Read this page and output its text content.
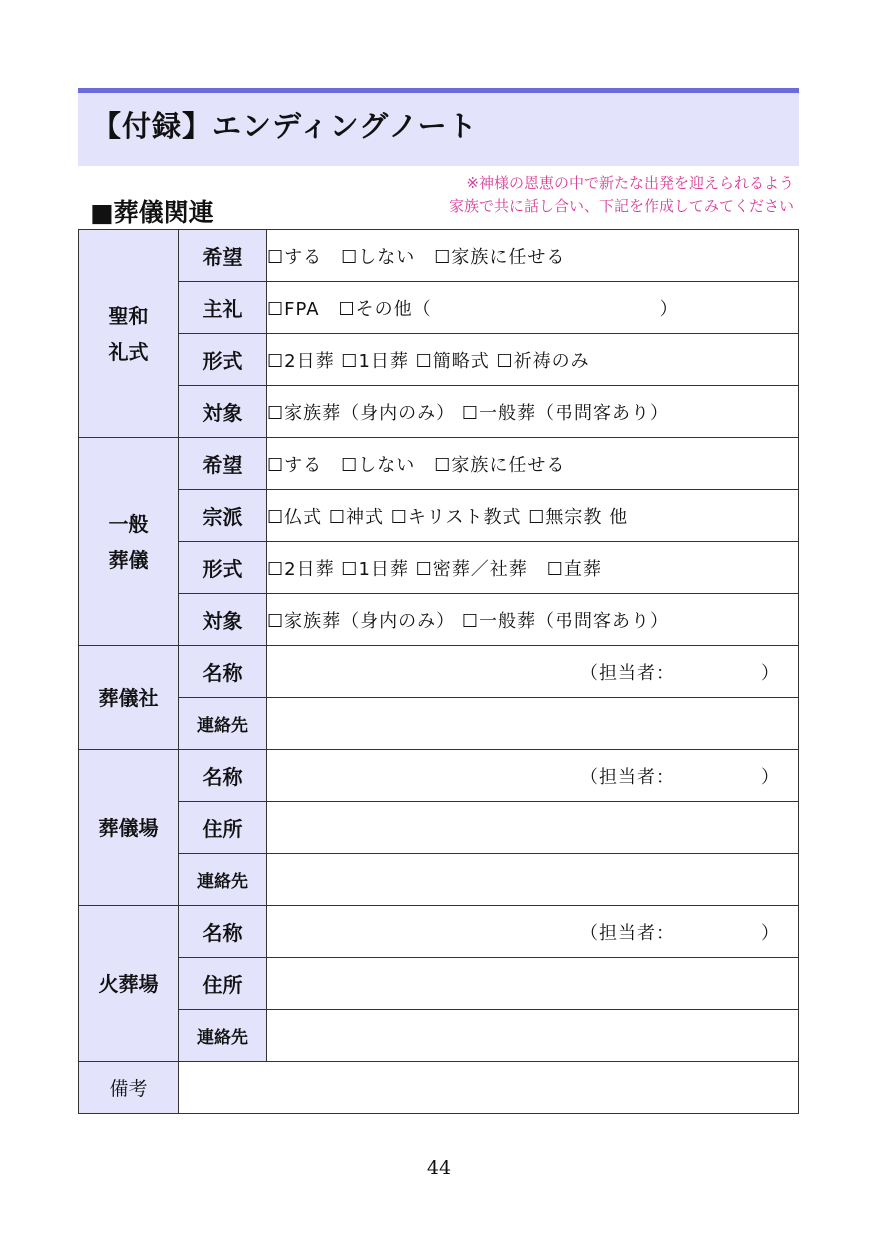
【付録】エンディングノート
※神様の恩恵の中で新たな出発を迎えられるよう
家族で共に話し合い、下記を作成してみてください
■葬儀関連
聖和
礼式	希望	☐する　☐しない　☐家族に任せる
	主礼	☐FPA　☐その他（　　　　　　　　　　　　）
	形式	☐2日葬 ☐1日葬 ☐簡略式 ☐祈祷のみ
	対象	☐家族葬（身内のみ） ☐一般葬（弔問客あり）
一般
葬儀	希望	☐する　☐しない　☐家族に任せる
	宗派	☐仏式 ☐神式 ☐キリスト教式 ☐無宗教 他
	形式	☐2日葬 ☐1日葬 ☐密葬／社葬　☐直葬
	対象	☐家族葬（身内のみ） ☐一般葬（弔問客あり）
葬儀社	名称	（担当者：　　　　　）
	連絡先	
葬儀場	名称	（担当者：　　　　　）
	住所	
	連絡先	
火葬場	名称	（担当者：　　　　　）
	住所	
	連絡先	
備考		
44
